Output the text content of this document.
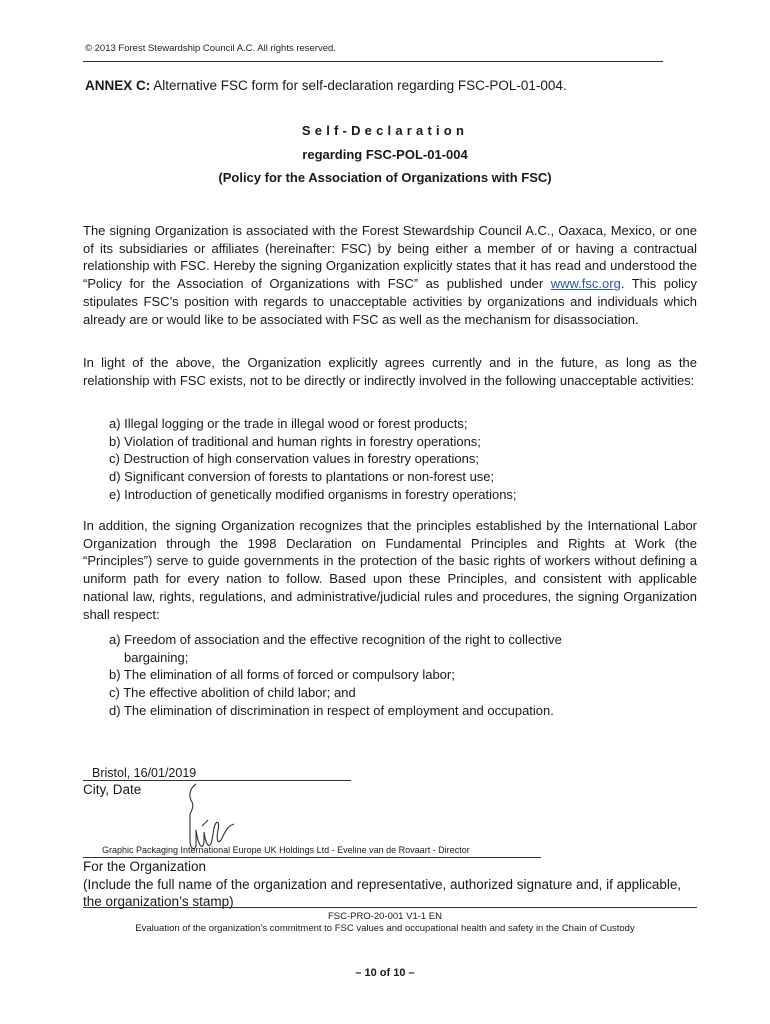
© 2013 Forest Stewardship Council A.C. All rights reserved.
ANNEX C: Alternative FSC form for self-declaration regarding FSC-POL-01-004.
Self-Declaration
regarding FSC-POL-01-004
(Policy for the Association of Organizations with FSC)

The signing Organization is associated with the Forest Stewardship Council A.C., Oaxaca, Mexico, or one of its subsidiaries or affiliates (hereinafter: FSC) by being either a member of or having a contractual relationship with FSC. Hereby the signing Organization explicitly states that it has read and understood the “Policy for the Association of Organizations with FSC” as published under www.fsc.org. This policy stipulates FSC’s position with regards to unacceptable activities by organizations and individuals which already are or would like to be associated with FSC as well as the mechanism for disassociation.

In light of the above, the Organization explicitly agrees currently and in the future, as long as the relationship with FSC exists, not to be directly or indirectly involved in the following unacceptable activities:

a) Illegal logging or the trade in illegal wood or forest products;
b) Violation of traditional and human rights in forestry operations;
c) Destruction of high conservation values in forestry operations;
d) Significant conversion of forests to plantations or non-forest use;
e) Introduction of genetically modified organisms in forestry operations;

In addition, the signing Organization recognizes that the principles established by the International Labor Organization through the 1998 Declaration on Fundamental Principles and Rights at Work (the “Principles”) serve to guide governments in the protection of the basic rights of workers without defining a uniform path for every nation to follow. Based upon these Principles, and consistent with applicable national law, rights, regulations, and administrative/judicial rules and procedures, the signing Organization shall respect:

a) Freedom of association and the effective recognition of the right to collective
bargaining;
b) The elimination of all forms of forced or compulsory labor;
c) The effective abolition of child labor; and
d) The elimination of discrimination in respect of employment and occupation.
Bristol, 16/01/2019
City, Date
Graphic Packaging International Europe UK Holdings Ltd - Eveline van de Rovaart - Director
For the Organization
(Include the full name of the organization and representative, authorized signature and, if applicable, the organization’s stamp)
FSC-PRO-20-001 V1-1 EN
Evaluation of the organization’s commitment to FSC values and occupational health and safety in the Chain of Custody
– 10 of 10 –
